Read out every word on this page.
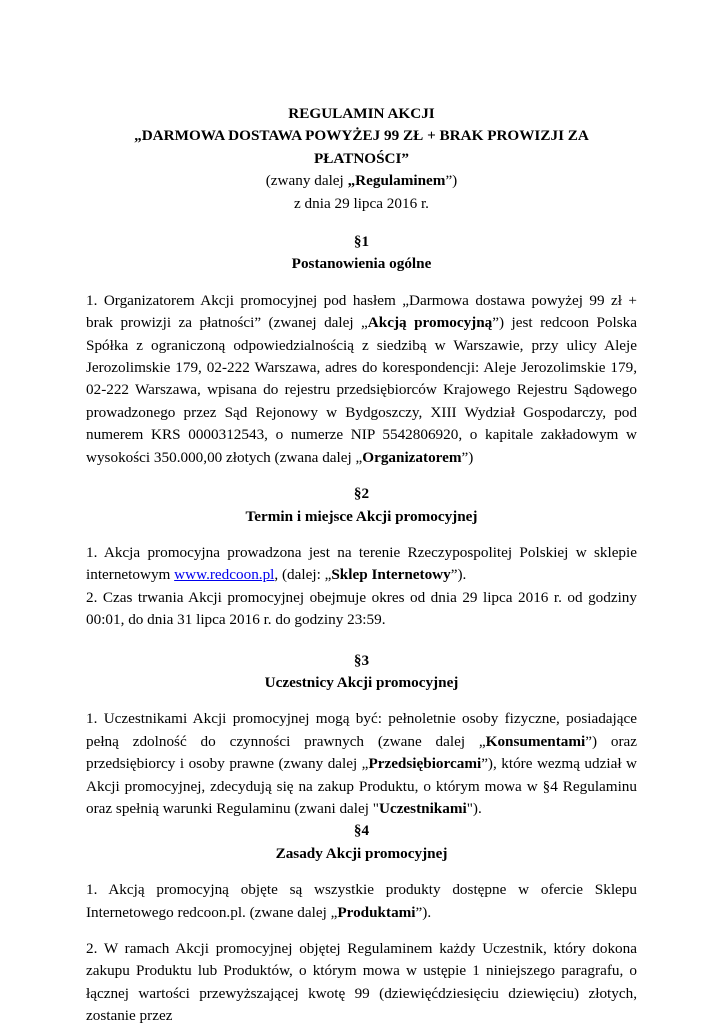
REGULAMIN AKCJI
„DARMOWA DOSTAWA POWYŻEJ 99 ZŁ + BRAK PROWIZJI ZA PŁATNOŚCI”
(zwany dalej „Regulaminem”)
z dnia 29 lipca 2016 r.
§1
Postanowienia ogólne

1. Organizatorem Akcji promocyjnej pod hasłem „Darmowa dostawa powyżej 99 zł + brak prowizji za płatności” (zwanej dalej „Akcją promocyjną”) jest redcoon Polska Spółka z ograniczoną odpowiedzialnością z siedzibą w Warszawie, przy ulicy Aleje Jerozolimskie 179, 02-222 Warszawa, adres do korespondencji: Aleje Jerozolimskie 179, 02-222 Warszawa, wpisana do rejestru przedsiębiorców Krajowego Rejestru Sądowego prowadzonego przez Sąd Rejonowy w Bydgoszczy, XIII Wydział Gospodarczy, pod numerem KRS 0000312543, o numerze NIP 5542806920, o kapitale zakładowym w wysokości 350.000,00 złotych (zwana dalej „Organizatorem”)

§2
Termin i miejsce Akcji promocyjnej

1. Akcja promocyjna prowadzona jest na terenie Rzeczypospolitej Polskiej w sklepie internetowym www.redcoon.pl, (dalej: „Sklep Internetowy”).

2. Czas trwania Akcji promocyjnej obejmuje okres od dnia 29 lipca 2016 r. od godziny 00:01, do dnia 31 lipca 2016 r. do godziny 23:59.

§3
Uczestnicy Akcji promocyjnej

1. Uczestnikami Akcji promocyjnej mogą być: pełnoletnie osoby fizyczne, posiadające pełną zdolność do czynności prawnych (zwane dalej „Konsumentami”) oraz przedsiębiorcy i osoby prawne (zwany dalej „Przedsiębiorcami”), które wezmą udział w Akcji promocyjnej, zdecydują się na zakup Produktu, o którym mowa w §4 Regulaminu oraz spełnią warunki Regulaminu (zwani dalej "Uczestnikami").

§4
Zasady Akcji promocyjnej

1. Akcją promocyjną objęte są wszystkie produkty dostępne w ofercie Sklepu Internetowego redcoon.pl. (zwane dalej „Produktami”).

2. W ramach Akcji promocyjnej objętej Regulaminem każdy Uczestnik, który dokona zakupu Produktu lub Produktów, o którym mowa w ustępie 1 niniejszego paragrafu, o łącznej wartości przewyższającej kwotę 99 (dziewięćdziesięciu dziewięciu) złotych, zostanie przez
